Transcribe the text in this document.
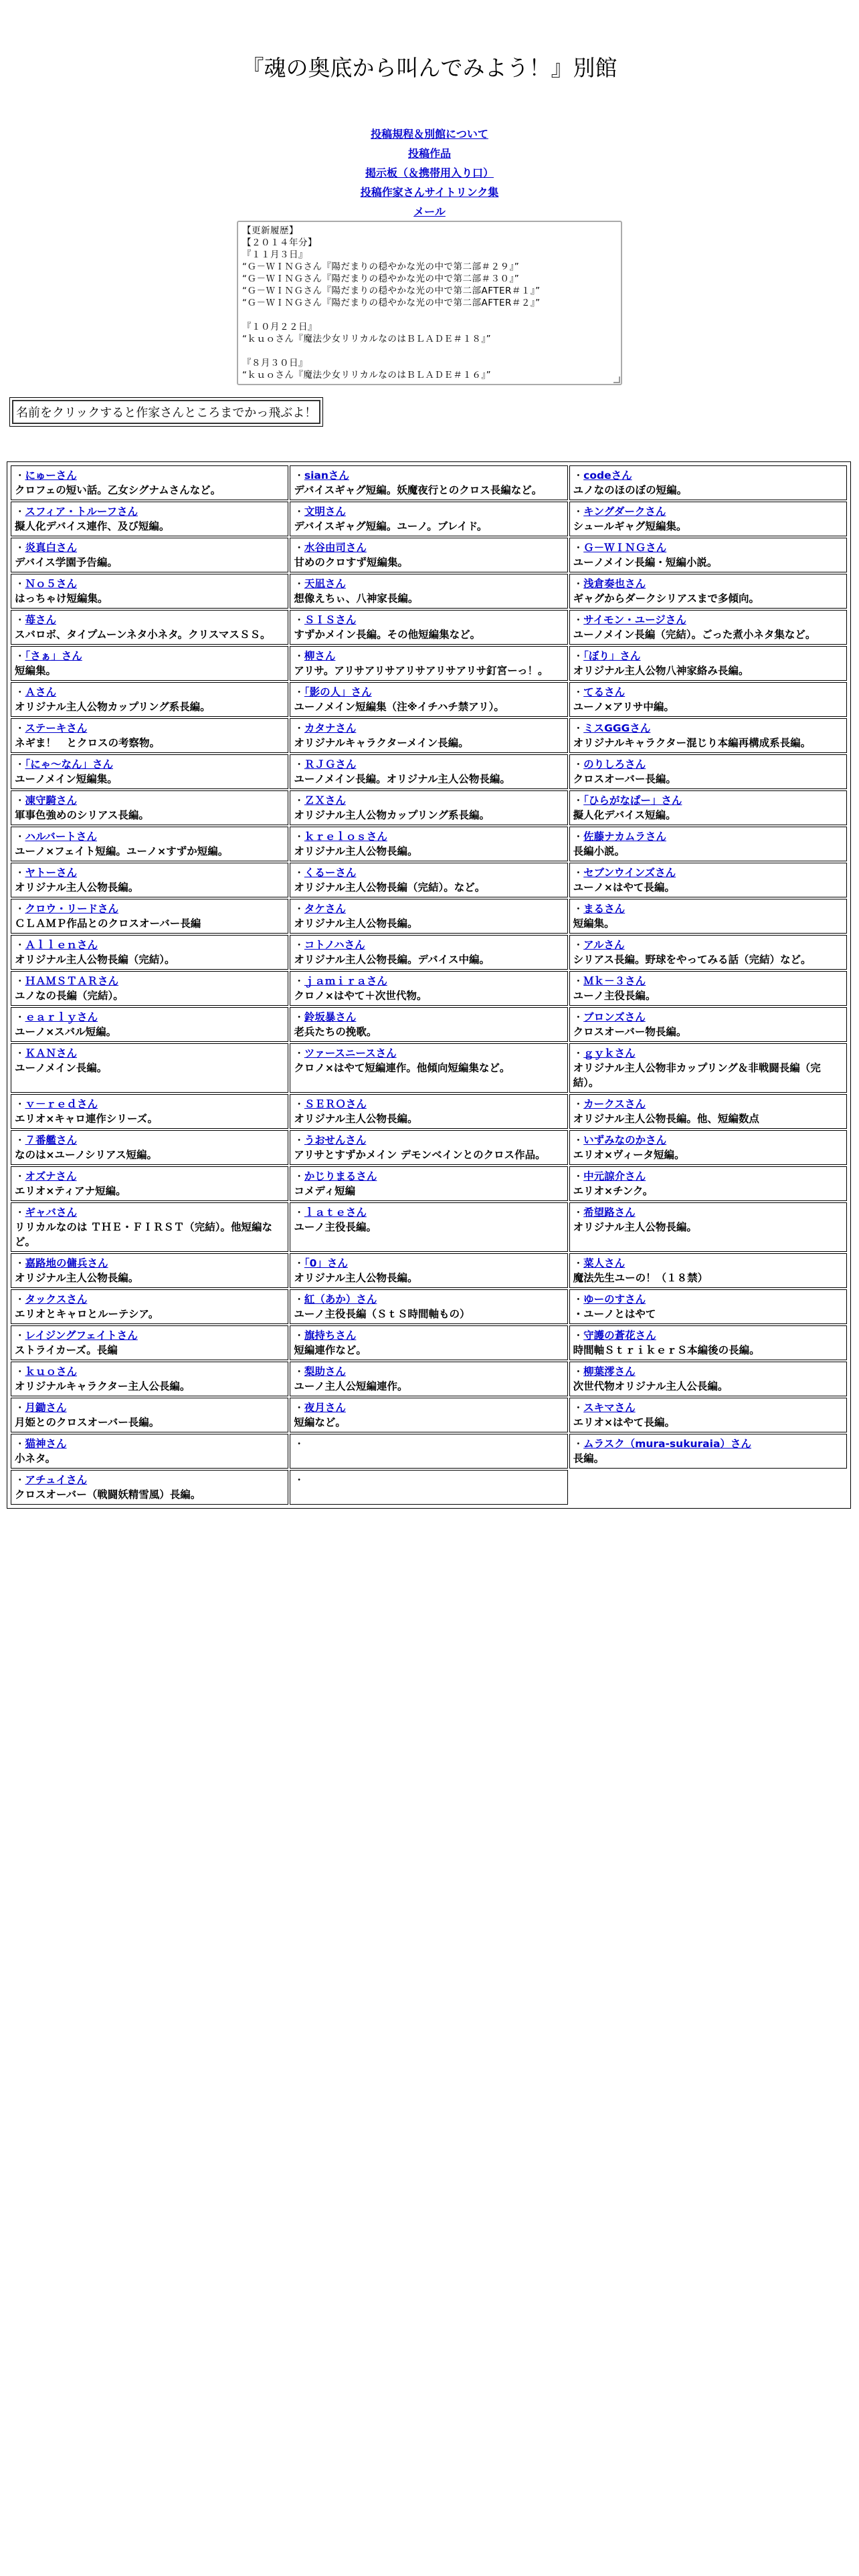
『魂の奥底から叫んでみよう！』別館
投稿規程＆別館について
投稿作品
掲示板（＆携帯用入り口）
投稿作家さんサイトリンク集
メール
【更新履歴】
【２０１４年分】
『１１月３日』
“Ｇ－ＷＩＮＧさん『陽だまりの穏やかな光の中で第二部＃２９』”
“Ｇ－ＷＩＮＧさん『陽だまりの穏やかな光の中で第二部＃３０』”
“Ｇ－ＷＩＮＧさん『陽だまりの穏やかな光の中で第二部AFTER＃１』”
“Ｇ－ＷＩＮＧさん『陽だまりの穏やかな光の中で第二部AFTER＃２』”
『１０月２２日』
“ｋｕｏさん『魔法少女リリカルなのはＢＬＡＤＥ＃１８』”
『８月３０日』
“ｋｕｏさん『魔法少女リリカルなのはＢＬＡＤＥ＃１６』”
名前をクリックすると作家さんところまでかっ飛ぶよ！
・にゅーさん
クロフェの短い話。乙女シグナムさんなど。	・sianさん
デバイスギャグ短編。妖魔夜行とのクロス長編など。	・codeさん
ユノなのほのぼの短編。
・スフィア・トルーフさん
擬人化デバイス連作、及び短編。	・文明さん
デバイスギャグ短編。ユーノ。ブレイド。	・キングダークさん
シュールギャグ短編集。
・炎真白さん
デバイス学園予告編。	・水谷由司さん
甘めのクロすず短編集。	・Ｇ－ＷＩＮＧさん
ユーノメイン長編・短編小説。
・Ｎｏ５さん
はっちゃけ短編集。	・天凪さん
想像えちぃ、八神家長編。	・浅倉奏也さん
ギャグからダークシリアスまで多傾向。
・苺さん
スバロボ、タイプムーンネタ小ネタ。クリスマスＳＳ。	・ＳＩＳさん
すずかメイン長編。その他短編集など。	・サイモン・ユージさん
ユーノメイン長編（完結）。ごった煮小ネタ集など。
・「さぁ」さん
短編集。	・柳さん
アリサ。アリサアリサアリサアリサアリサ釘宮ーっ！。	・「ぼり」さん
オリジナル主人公物八神家絡み長編。
・Ａさん
オリジナル主人公物カップリング系長編。	・「影の人」さん
ユーノメイン短編集（注※イチハチ禁アリ）。	・てるさん
ユーノ×アリサ中編。
・ステーキさん
ネギま！　とクロスの考察物。	・カタナさん
オリジナルキャラクターメイン長編。	・ミスGGGさん
オリジナルキャラクター混じり本編再構成系長編。
・「にゃ～なん」さん
ユーノメイン短編集。	・ＲＪＧさん
ユーノメイン長編。オリジナル主人公物長編。	・のりしろさん
クロスオーバー長編。
・凍守騎さん
軍事色強めのシリアス長編。	・ＺＸさん
オリジナル主人公物カップリング系長編。	・「ひらがなぱー」さん
擬人化デバイス短編。
・ハルバートさん
ユーノ×フェイト短編。ユーノ×すずか短編。	・ｋｒｅｌｏｓさん
オリジナル主人公物長編。	・佐藤ナカムラさん
長編小説。
・ヤトーさん
オリジナル主人公物長編。	・くるーさん
オリジナル主人公物長編（完結）。など。	・セブンウインズさん
ユーノ×はやて長編。
・クロウ・リードさん
ＣＬＡＭＰ作品とのクロスオーバー長編	・タケさん
オリジナル主人公物長編。	・まるさん
短編集。
・Ａｌｌｅｎさん
オリジナル主人公物長編（完結）。	・コトノハさん
オリジナル主人公物長編。デバイス中編。	・アルさん
シリアス長編。野球をやってみる話（完結）など。
・ＨＡＭＳＴＡＲさん
ユノなの長編（完結）。	・ｊａｍｉｒａさん
クロノ×はやて＋次世代物。	・Ｍｋ－３さん
ユーノ主役長編。
・ｅａｒｌｙさん
ユーノ×スバル短編。	・鈴坂暴さん
老兵たちの挽歌。	・ブロンズさん
クロスオーバー物長編。
・ＫＡＮさん
ユーノメイン長編。	・ツァースニースさん
クロノ×はやて短編連作。他傾向短編集など。	・ｇｙｋさん
オリジナル主人公物非カップリング＆非戦闘長編（完結）。
・ｖ－ｒｅｄさん
エリオ×キャロ連作シリーズ。	・ＳＥＲＯさん
オリジナル主人公物長編。	・カークスさん
オリジナル主人公物長編。他、短編数点
・７番艦さん
なのは×ユーノシリアス短編。	・うおせんさん
アリサとすずかメイン デモンベインとのクロス作品。	・いずみなのかさん
エリオ×ヴィータ短編。
・オズナさん
エリオ×ティアナ短編。	・かじりまるさん
コメディ短編	・中元諒介さん
エリオ×チンク。
・ギャバさん
リリカルなのは ＴＨＥ・ＦＩＲＳＴ（完結）。他短編など。	・ｌａｔｅさん
ユーノ主役長編。	・希望路さん
オリジナル主人公物長編。
・嘉路地の傭兵さん
オリジナル主人公物長編。	・「0」さん
オリジナル主人公物長編。	・菜人さん
魔法先生ユーの！（１８禁）
・タックスさん
エリオとキャロとルーテシア。	・紅（あか）さん
ユーノ主役長編（ＳｔＳ時間軸もの）	・ゆーのすさん
・ユーノとはやて
・レイジングフェイトさん
ストライカーズ。長編	・旗持ちさん
短編連作など。	・守護の蒼花さん
時間軸ＳｔｒｉｋｅｒＳ本編後の長編。
・ｋｕｏさん
オリジナルキャラクター主人公長編。	・梨助さん
ユーノ主人公短編連作。	・柳葉澪さん
次世代物オリジナル主人公長編。
・月鋤さん
月姫とのクロスオーバー長編。	・夜月さん
短編など。	・スキマさん
エリオ×はやて長編。
・猫神さん
小ネタ。	・	・ムラスク（mura-sukuraia）さん
長編。
・アチュイさん
クロスオーバー（戦闘妖精雪風）長編。	・
